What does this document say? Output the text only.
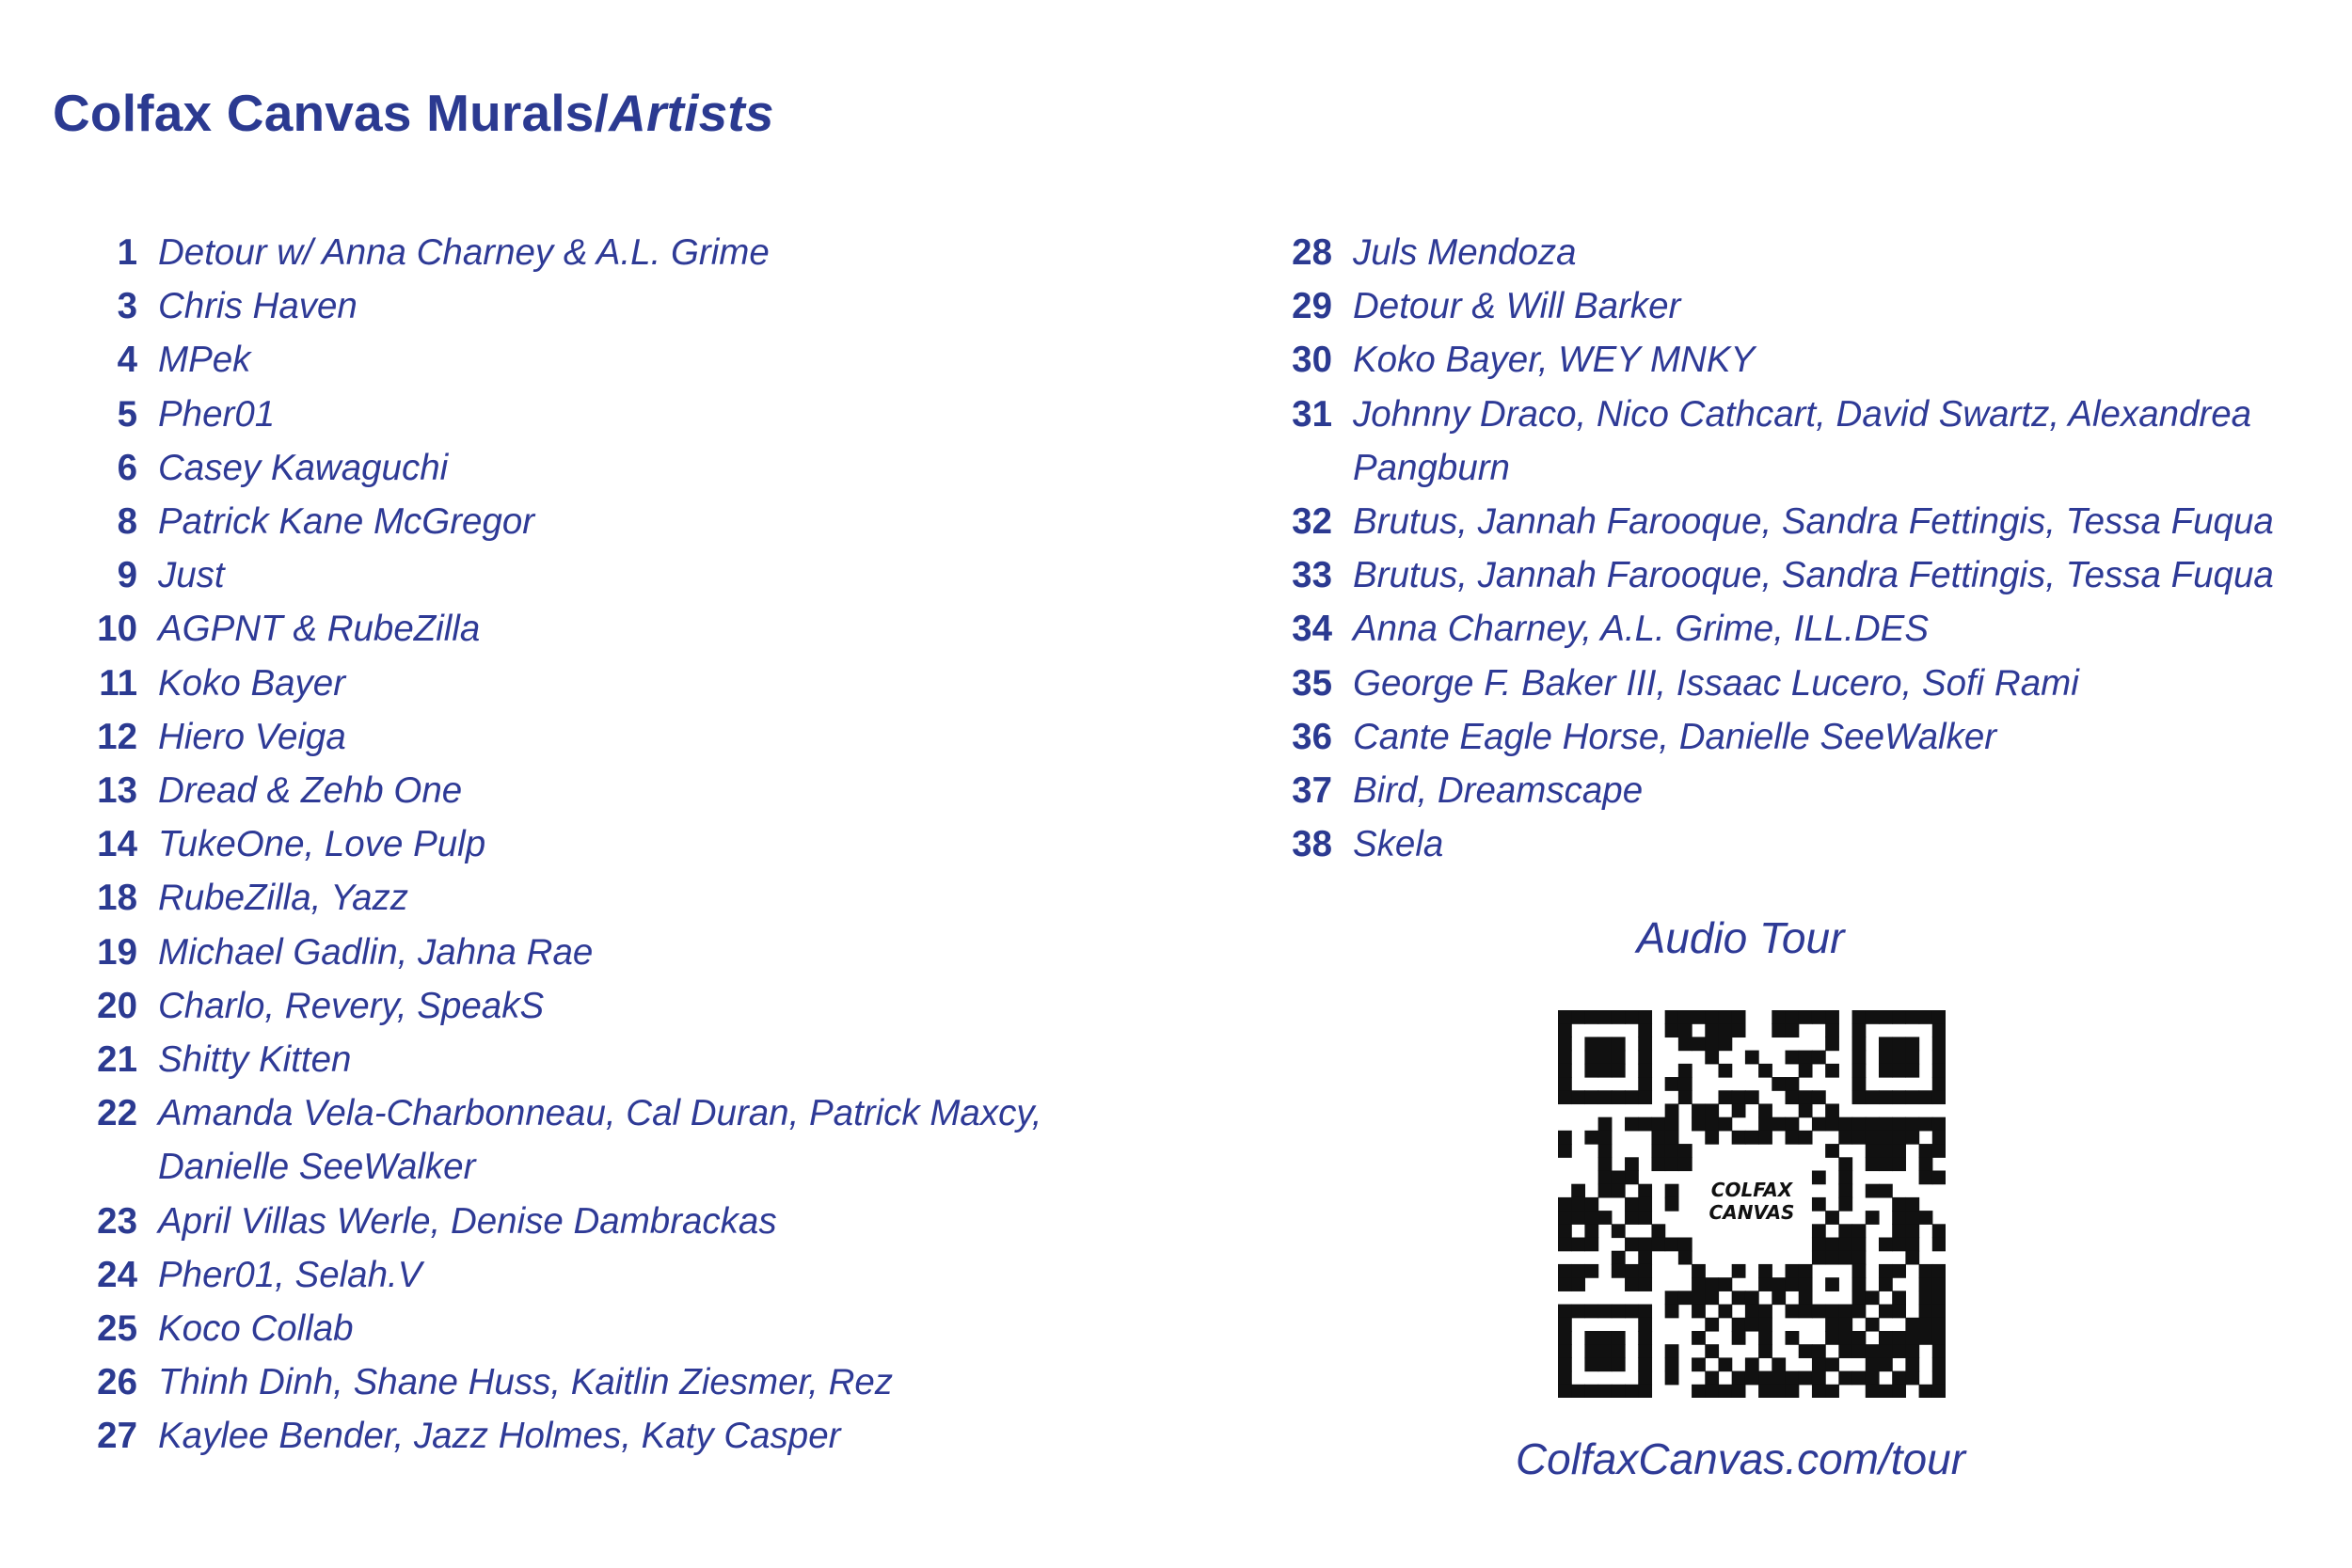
Colfax Canvas Murals/Artists
1 Detour w/ Anna Charney & A.L. Grime
3 Chris Haven
4 MPek
5 Pher01
6 Casey Kawaguchi
8 Patrick Kane McGregor
9 Just
10 AGPNT & RubeZilla
11 Koko Bayer
12 Hiero Veiga
13 Dread & Zehb One
14 TukeOne, Love Pulp
18 RubeZilla, Yazz
19 Michael Gadlin, Jahna Rae
20 Charlo, Revery, SpeakS
21 Shitty Kitten
22 Amanda Vela-Charbonneau, Cal Duran, Patrick Maxcy, Danielle SeeWalker
23 April Villas Werle, Denise Dambrackas
24 Pher01, Selah.V
25 Koco Collab
26 Thinh Dinh, Shane Huss, Kaitlin Ziesmer, Rez
27 Kaylee Bender, Jazz Holmes, Katy Casper
28 Juls Mendoza
29 Detour & Will Barker
30 Koko Bayer, WEY MNKY
31 Johnny Draco, Nico Cathcart, David Swartz, Alexandrea Pangburn
32 Brutus, Jannah Farooque, Sandra Fettingis, Tessa Fuqua
33 Brutus, Jannah Farooque, Sandra Fettingis, Tessa Fuqua
34 Anna Charney, A.L. Grime, ILL.DES
35 George F. Baker III, Issaac Lucero, Sofi Rami
36 Cante Eagle Horse, Danielle SeeWalker
37 Bird, Dreamscape
38 Skela
Audio Tour
COLFAX
CANVAS
ColfaxCanvas.com/tour
